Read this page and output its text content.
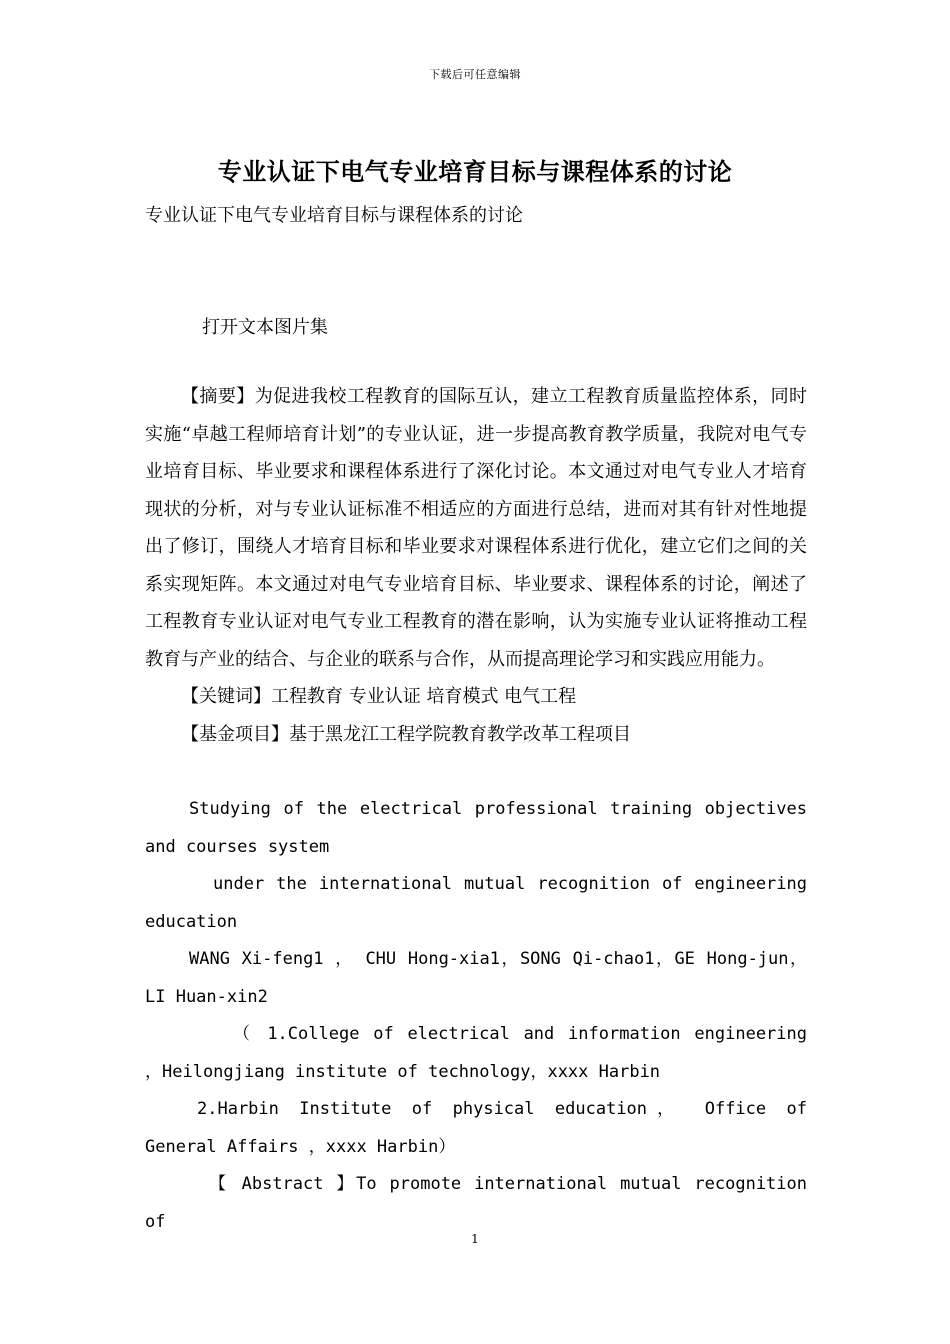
下载后可任意编辑
专业认证下电气专业培育目标与课程体系的讨论
专业认证下电气专业培育目标与课程体系的讨论
打开文本图片集

【摘要】为促进我校工程教育的国际互认，建立工程教育质量监控体系，同时实施“卓越工程师培育计划”的专业认证，进一步提高教育教学质量，我院对电气专业培育目标、毕业要求和课程体系进行了深化讨论。本文通过对电气专业人才培育现状的分析，对与专业认证标准不相适应的方面进行总结，进而对其有针对性地提出了修订，围绕人才培育目标和毕业要求对课程体系进行优化，建立它们之间的关系实现矩阵。本文通过对电气专业培育目标、毕业要求、课程体系的讨论，阐述了工程教育专业认证对电气专业工程教育的潜在影响，认为实施专业认证将推动工程教育与产业的结合、与企业的联系与合作，从而提高理论学习和实践应用能力。

【关键词】工程教育 专业认证 培育模式 电气工程

【基金项目】基于黑龙江工程学院教育教学改革工程项目

Studying of the electrical professional training objectives and courses system

under the international mutual recognition of engineering education

WANG Xi-feng1 ， CHU Hong-xia1，SONG Qi-chao1，GE Hong-jun，LI Huan-xin2

（ 1.College of electrical and information engineering ，Heilongjiang institute of technology，xxxx Harbin

2.Harbin Institute of physical education， Office of General Affairs ，xxxx Harbin）

【 Abstract 】To promote international mutual recognition of

1
